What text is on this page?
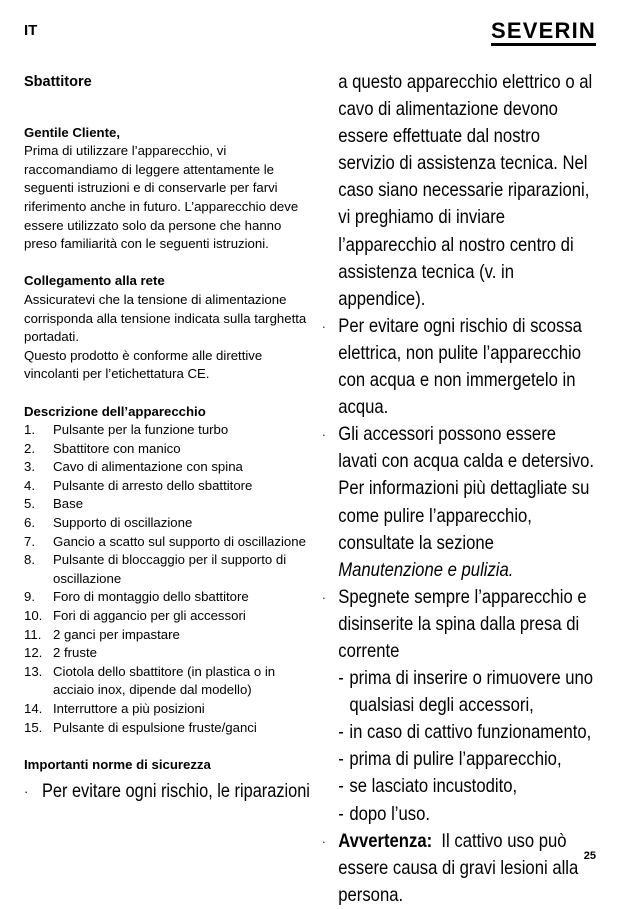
IT	SEVERIN

Sbattitore

Gentile Cliente,

Prima di utilizzare l’apparecchio, vi raccomandiamo di leggere attentamente le seguenti istruzioni e di conservarle per farvi riferimento anche in futuro. L’apparecchio deve essere utilizzato solo da persone che hanno preso familiarità con le seguenti istruzioni.

Collegamento alla rete

Assicuratevi che la tensione di alimentazione corrisponda alla tensione indicata sulla targhetta portadati.

Questo prodotto è conforme alle direttive vincolanti per l’etichettatura CE.

Descrizione dell’apparecchio

1.	Pulsante per la funzione turbo
2.	Sbattitore con manico
3.	Cavo di alimentazione con spina
4.	Pulsante di arresto dello sbattitore
5.	Base
6.	Supporto di oscillazione
7.	Gancio a scatto sul supporto di oscillazione
8.	Pulsante di bloccaggio per il supporto di oscillazione
9.	Foro di montaggio dello sbattitore
10. Fori di aggancio per gli accessori
11. 2 ganci per impastare
12. 2 fruste
13. Ciotola dello sbattitore (in plastica o in acciaio inox, dipende dal modello)
14. Interruttore a più posizioni
15. Pulsante di espulsione fruste/ganci

Importanti norme di sicurezza

· Per evitare ogni rischio, le riparazioni

a questo apparecchio elettrico o al cavo di alimentazione devono essere effettuate dal nostro servizio di assistenza tecnica. Nel caso siano necessarie riparazioni, vi preghiamo di inviare l’apparecchio al nostro centro di assistenza tecnica (v. in appendice).

· Per evitare ogni rischio di scossa elettrica, non pulite l’apparecchio con acqua e non immergetelo in acqua.
· Gli accessori possono essere lavati con acqua calda e detersivo. Per informazioni più dettagliate su come pulire l’apparecchio, consultate la sezione Manutenzione e pulizia.
· Spegnete sempre l’apparecchio e disinserite la spina dalla presa di corrente
- prima di inserire o rimuovere uno qualsiasi degli accessori,
- in caso di cattivo funzionamento,
- prima di pulire l’apparecchio,
- se lasciato incustodito,
- dopo l’uso.
· Avvertenza: Il cattivo uso può essere causa di gravi lesioni alla persona.
25
